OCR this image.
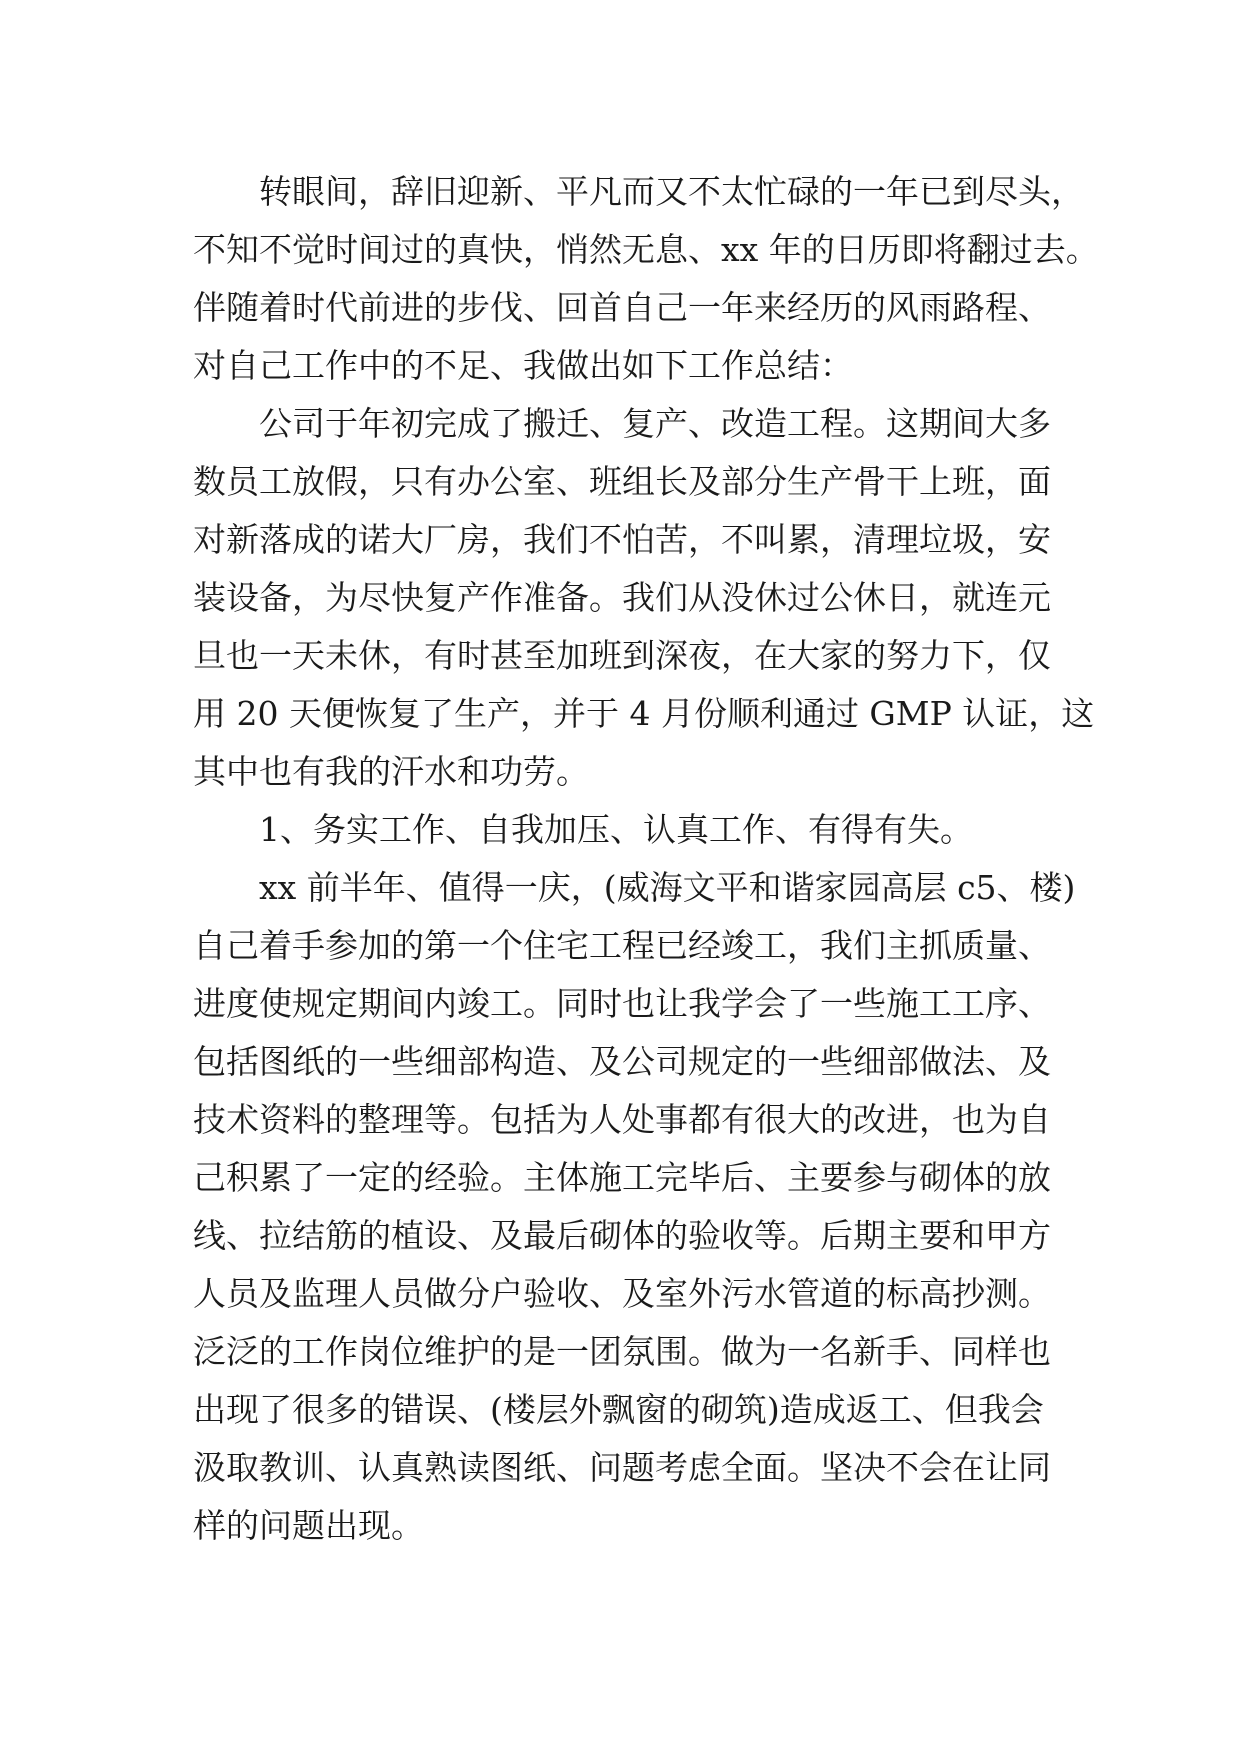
转眼间，辞旧迎新、平凡而又不太忙碌的一年已到尽头，
不知不觉时间过的真快，悄然无息、xx 年的日历即将翻过去。
伴随着时代前进的步伐、回首自己一年来经历的风雨路程、
对自己工作中的不足、我做出如下工作总结：
公司于年初完成了搬迁、复产、改造工程。这期间大多
数员工放假，只有办公室、班组长及部分生产骨干上班，面
对新落成的诺大厂房，我们不怕苦，不叫累，清理垃圾，安
装设备，为尽快复产作准备。我们从没休过公休日，就连元
旦也一天未休，有时甚至加班到深夜，在大家的努力下，仅
用 20 天便恢复了生产，并于 4 月份顺利通过 GMP 认证，这
其中也有我的汗水和功劳。
1、务实工作、自我加压、认真工作、有得有失。
xx 前半年、值得一庆，(威海文平和谐家园高层 c5、楼)
自己着手参加的第一个住宅工程已经竣工，我们主抓质量、
进度使规定期间内竣工。同时也让我学会了一些施工工序、
包括图纸的一些细部构造、及公司规定的一些细部做法、及
技术资料的整理等。包括为人处事都有很大的改进，也为自
己积累了一定的经验。主体施工完毕后、主要参与砌体的放
线、拉结筋的植设、及最后砌体的验收等。后期主要和甲方
人员及监理人员做分户验收、及室外污水管道的标高抄测。
泛泛的工作岗位维护的是一团氛围。做为一名新手、同样也
出现了很多的错误、(楼层外飘窗的砌筑)造成返工、但我会
汲取教训、认真熟读图纸、问题考虑全面。坚决不会在让同
样的问题出现。
